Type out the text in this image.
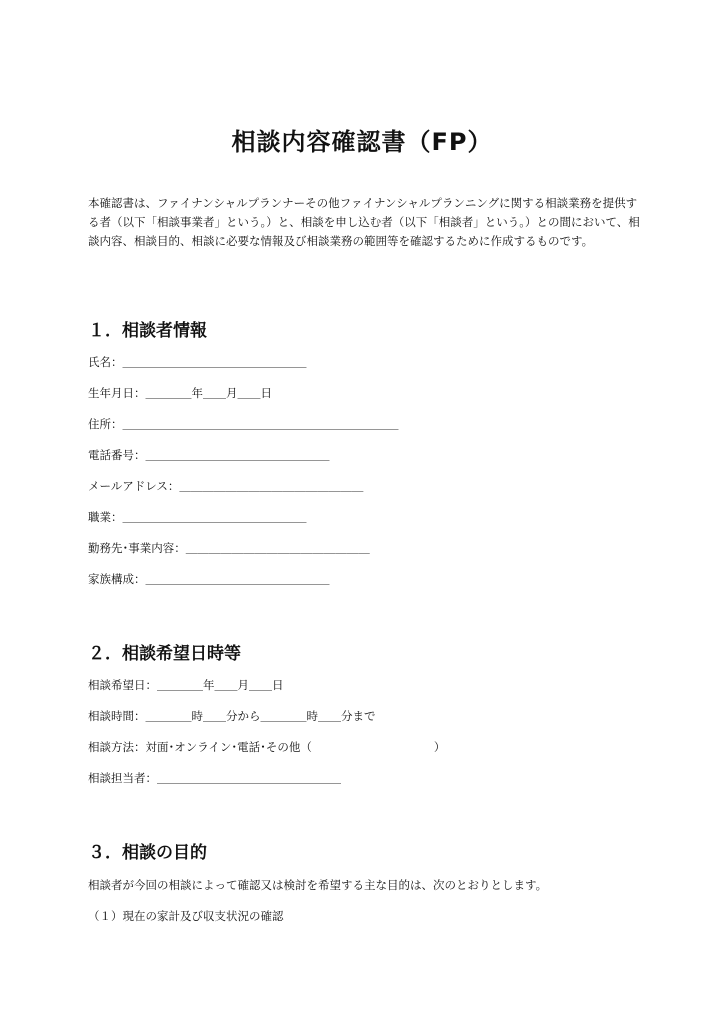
相談内容確認書（FP）

本確認書は、ファイナンシャルプランナーその他ファイナンシャルプランニングに関する相談業務を提供する者（以下「相談事業者」という。）と、相談を申し込む者（以下「相談者」という。）との間において、相談内容、相談目的、相談に必要な情報及び相談業務の範囲等を確認するために作成するものです。

１．相談者情報

氏名：＿＿＿＿＿＿＿＿＿＿＿＿＿＿＿＿

生年月日：＿＿＿＿年＿＿月＿＿日

住所：＿＿＿＿＿＿＿＿＿＿＿＿＿＿＿＿＿＿＿＿＿＿＿＿

電話番号：＿＿＿＿＿＿＿＿＿＿＿＿＿＿＿＿

メールアドレス：＿＿＿＿＿＿＿＿＿＿＿＿＿＿＿＿

職業：＿＿＿＿＿＿＿＿＿＿＿＿＿＿＿＿

勤務先･事業内容：＿＿＿＿＿＿＿＿＿＿＿＿＿＿＿＿

家族構成：＿＿＿＿＿＿＿＿＿＿＿＿＿＿＿＿

２．相談希望日時等

相談希望日：＿＿＿＿年＿＿月＿＿日

相談時間：＿＿＿＿時＿＿分から＿＿＿＿時＿＿分まで

相談方法：対面･オンライン･電話･その他（	）

相談担当者：＿＿＿＿＿＿＿＿＿＿＿＿＿＿＿＿

３．相談の目的

相談者が今回の相談によって確認又は検討を希望する主な目的は、次のとおりとします。

（１）現在の家計及び収支状況の確認
